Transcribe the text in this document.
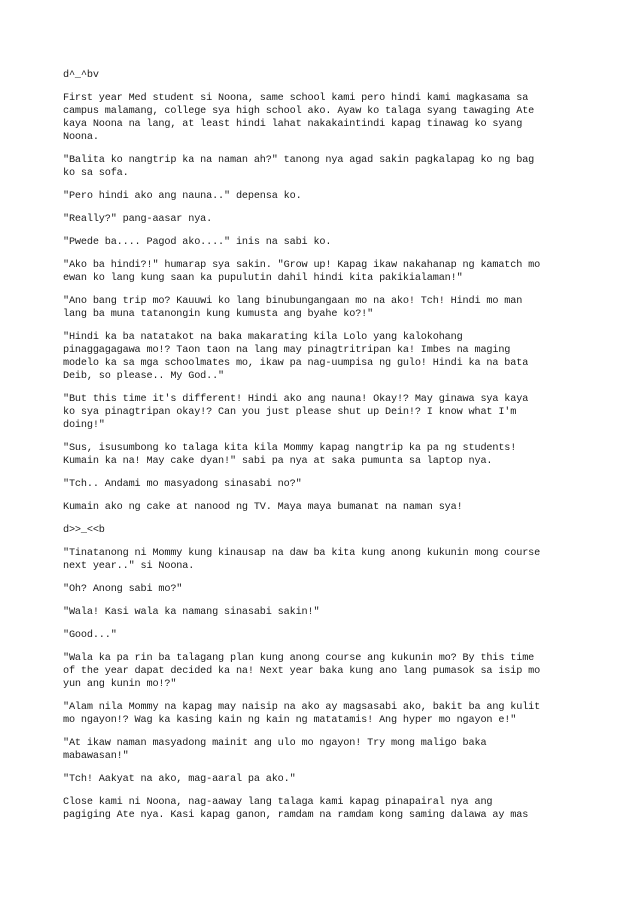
d^_^bv

First year Med student si Noona, same school kami pero hindi kami magkasama sa
campus malamang, college sya high school ako. Ayaw ko talaga syang tawaging Ate
kaya Noona na lang, at least hindi lahat nakakaintindi kapag tinawag ko syang
Noona.

"Balita ko nangtrip ka na naman ah?" tanong nya agad sakin pagkalapag ko ng bag
ko sa sofa.

"Pero hindi ako ang nauna.." depensa ko.

"Really?" pang-aasar nya.

"Pwede ba.... Pagod ako...." inis na sabi ko.

"Ako ba hindi?!" humarap sya sakin. "Grow up! Kapag ikaw nakahanap ng kamatch mo
ewan ko lang kung saan ka pupulutin dahil hindi kita pakikialaman!"

"Ano bang trip mo? Kauuwi ko lang binubungangaan mo na ako! Tch! Hindi mo man
lang ba muna tatanongin kung kumusta ang byahe ko?!"

"Hindi ka ba natatakot na baka makarating kila Lolo yang kalokohang
pinaggagagawa mo!? Taon taon na lang may pinagtritripan ka! Imbes na maging
modelo ka sa mga schoolmates mo, ikaw pa nag-uumpisa ng gulo! Hindi ka na bata
Deib, so please.. My God.."

"But this time it's different! Hindi ako ang nauna! Okay!? May ginawa sya kaya
ko sya pinagtripan okay!? Can you just please shut up Dein!? I know what I'm
doing!"

"Sus, isusumbong ko talaga kita kila Mommy kapag nangtrip ka pa ng students!
Kumain ka na! May cake dyan!" sabi pa nya at saka pumunta sa laptop nya.

"Tch.. Andami mo masyadong sinasabi no?"

Kumain ako ng cake at nanood ng TV. Maya maya bumanat na naman sya!

d>>_<<b

"Tinatanong ni Mommy kung kinausap na daw ba kita kung anong kukunin mong course
next year.." si Noona.

"Oh? Anong sabi mo?"

"Wala! Kasi wala ka namang sinasabi sakin!"

"Good..."

"Wala ka pa rin ba talagang plan kung anong course ang kukunin mo? By this time
of the year dapat decided ka na! Next year baka kung ano lang pumasok sa isip mo
yun ang kunin mo!?"

"Alam nila Mommy na kapag may naisip na ako ay magsasabi ako, bakit ba ang kulit
mo ngayon!? Wag ka kasing kain ng kain ng matatamis! Ang hyper mo ngayon e!"

"At ikaw naman masyadong mainit ang ulo mo ngayon! Try mong maligo baka
mabawasan!"

"Tch! Aakyat na ako, mag-aaral pa ako."

Close kami ni Noona, nag-aaway lang talaga kami kapag pinapairal nya ang
pagiging Ate nya. Kasi kapag ganon, ramdam na ramdam kong saming dalawa ay mas
